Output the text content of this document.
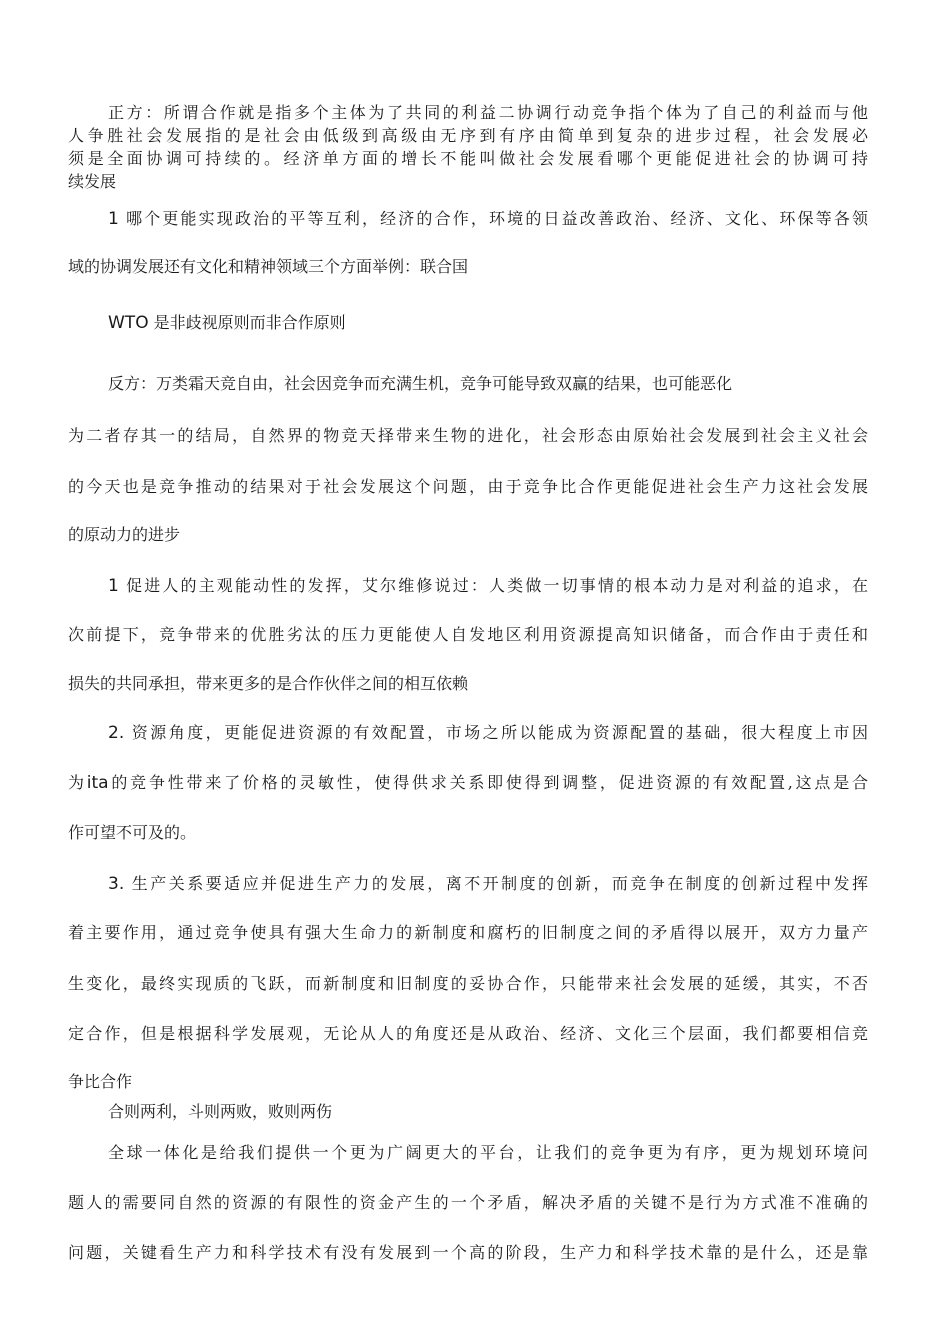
正方：所谓合作就是指多个主体为了共同的利益二协调行动竞争指个体为了自己的利益而与他
人争胜社会发展指的是社会由低级到高级由无序到有序由简单到复杂的进步过程，社会发展必
须是全面协调可持续的。经济单方面的增长不能叫做社会发展看哪个更能促进社会的协调可持
续发展
1 哪个更能实现政治的平等互利，经济的合作，环境的日益改善政治、经济、文化、环保等各领
域的协调发展还有文化和精神领域三个方面举例：联合国
WTO 是非歧视原则而非合作原则
反方：万类霜天竞自由，社会因竞争而充满生机，竞争可能导致双赢的结果，也可能恶化
为二者存其一的结局，自然界的物竞天择带来生物的进化，社会形态由原始社会发展到社会主义社会
的今天也是竞争推动的结果对于社会发展这个问题，由于竞争比合作更能促进社会生产力这社会发展
的原动力的进步
1 促进人的主观能动性的发挥，艾尔维修说过：人类做一切事情的根本动力是对利益的追求，在
次前提下，竞争带来的优胜劣汰的压力更能使人自发地区利用资源提高知识储备，而合作由于责任和
损失的共同承担，带来更多的是合作伙伴之间的相互依赖
2. 资源角度，更能促进资源的有效配置，市场之所以能成为资源配置的基础，很大程度上市因
为ita的竞争性带来了价格的灵敏性，使得供求关系即使得到调整，促进资源的有效配置,这点是合
作可望不可及的。
3. 生产关系要适应并促进生产力的发展，离不开制度的创新，而竞争在制度的创新过程中发挥
着主要作用，通过竞争使具有强大生命力的新制度和腐朽的旧制度之间的矛盾得以展开，双方力量产
生变化，最终实现质的飞跃，而新制度和旧制度的妥协合作，只能带来社会发展的延缓，其实，不否
定合作，但是根据科学发展观，无论从人的角度还是从政治、经济、文化三个层面，我们都要相信竞
争比合作
合则两利，斗则两败，败则两伤
全球一体化是给我们提供一个更为广阔更大的平台，让我们的竞争更为有序，更为规划环境问
题人的需要同自然的资源的有限性的资金产生的一个矛盾，解决矛盾的关键不是行为方式准不准确的
问题，关键看生产力和科学技术有没有发展到一个高的阶段，生产力和科学技术靠的是什么，还是靠
